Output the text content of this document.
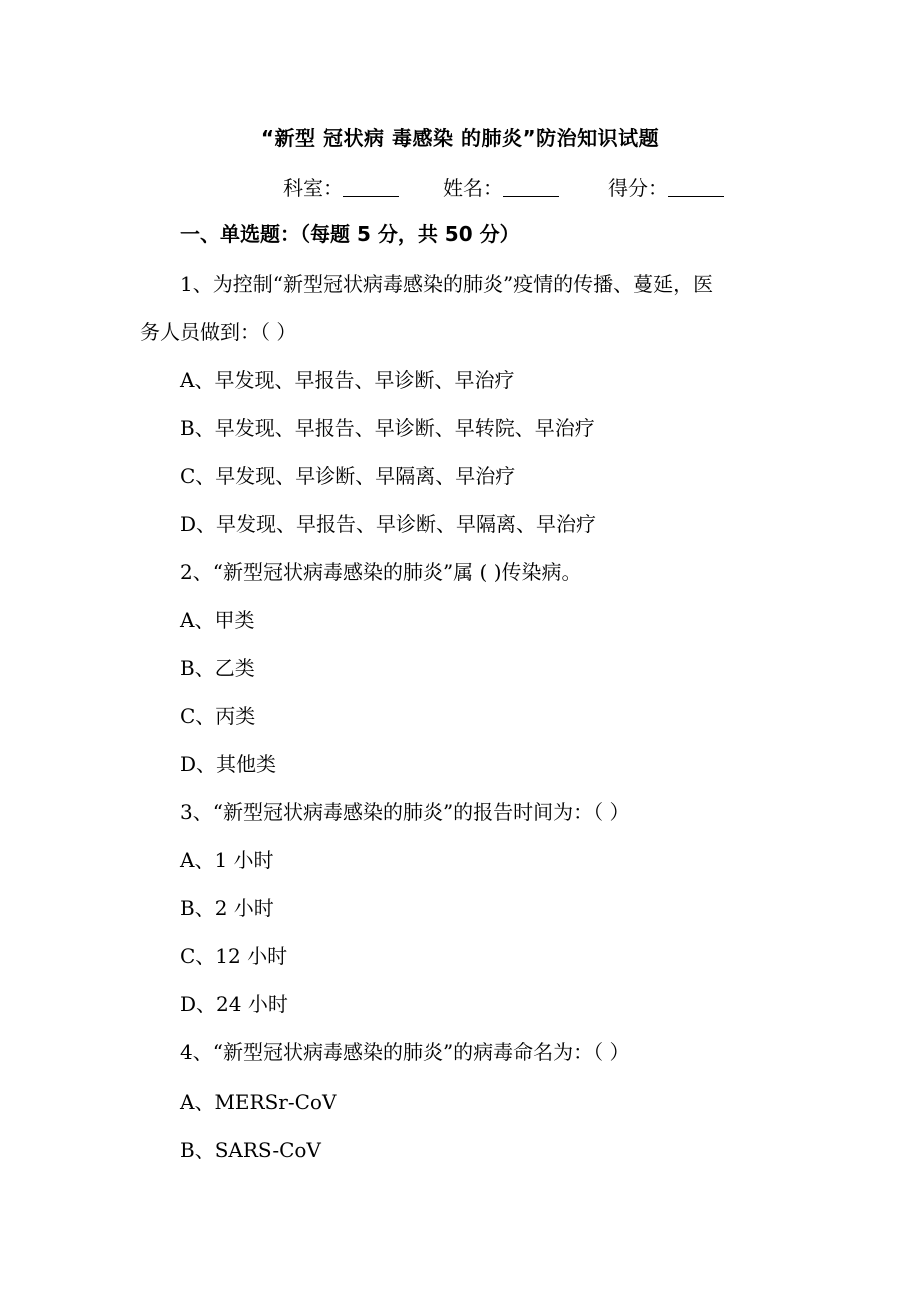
“新型 冠状病 毒感染 的肺炎”防治知识试题
科室：	姓名：	得分：
一、单选题：（每题 5 分，共 50 分）
1、为控制“新型冠状病毒感染的肺炎”疫情的传播、蔓延，医
务人员做到：（ ）
A、早发现、早报告、早诊断、早治疗
B、早发现、早报告、早诊断、早转院、早治疗
C、早发现、早诊断、早隔离、早治疗
D、早发现、早报告、早诊断、早隔离、早治疗
2、“新型冠状病毒感染的肺炎”属 ( )传染病。
A、甲类
B、乙类
C、丙类
D、其他类
3、“新型冠状病毒感染的肺炎”的报告时间为：（ ）
A、1 小时
B、2 小时
C、12 小时
D、24 小时
4、“新型冠状病毒感染的肺炎”的病毒命名为：（ ）
A、MERSr-CoV
B、SARS-CoV
